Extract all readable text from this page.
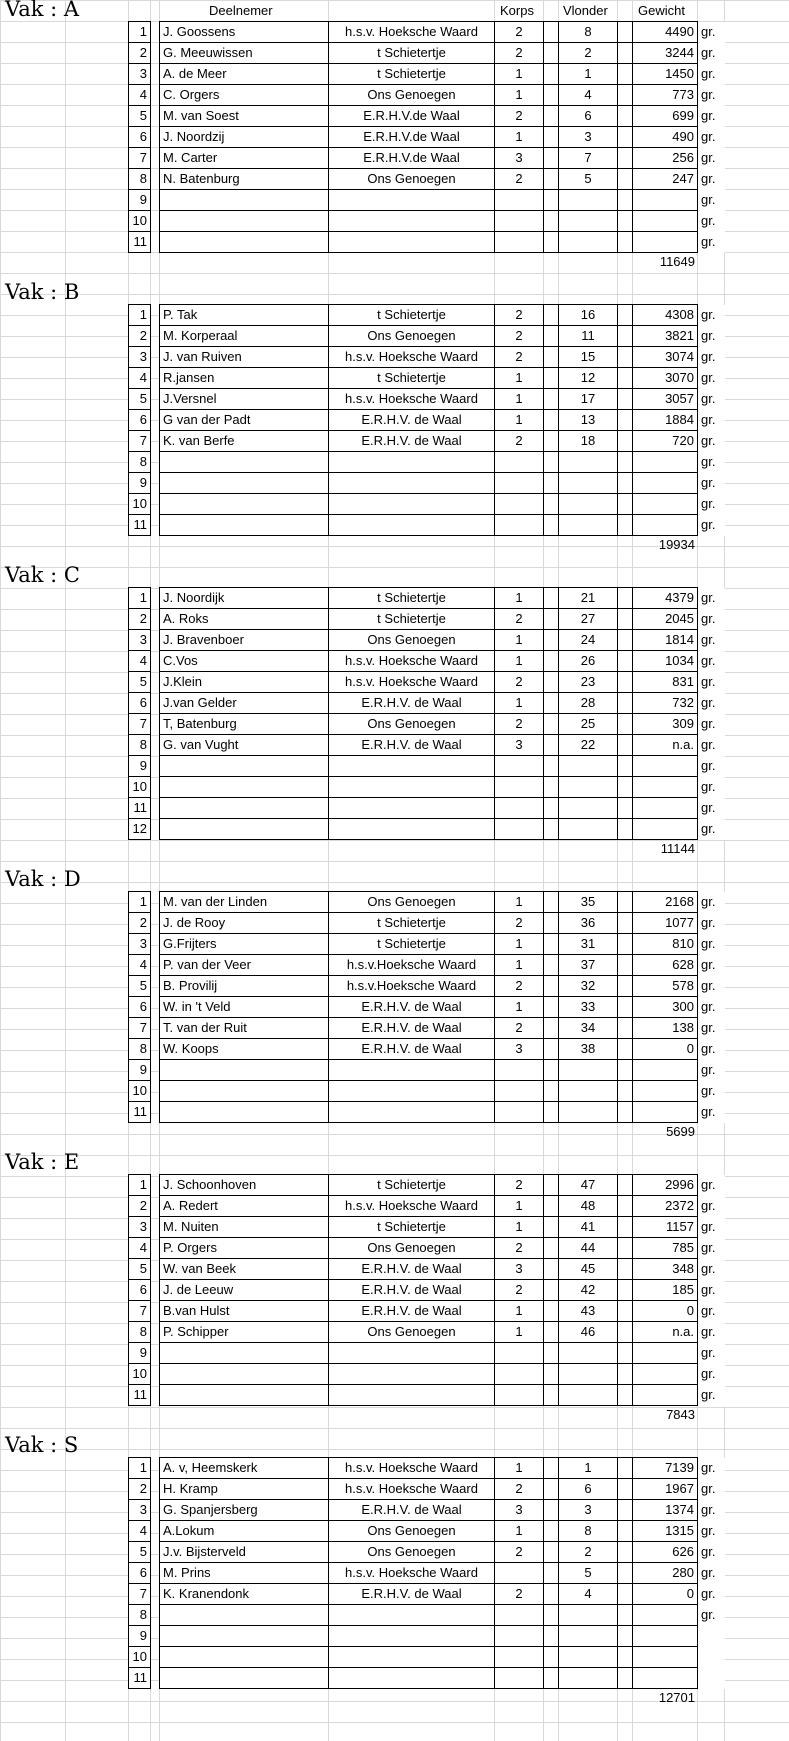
Deelnemer	Korps Vlonder Gewicht
Vak : A
1		J. Goossens	h.s.v. Hoekschе Waard	2		8		4490	gr.
2		G. Meeuwissen	t Schietertje	2		2		3244	gr.
3		A. de Meer	t Schietertje	1		1		1450	gr.
4		C. Orgers	Ons Genoegen	1		4		773	gr.
5		M. van Soest	E.R.H.V.de Waal	2		6		699	gr.
6		J. Noordzij	E.R.H.V.de Waal	1		3		490	gr.
7		M. Carter	E.R.H.V.de Waal	3		7		256	gr.
8		N. Batenburg	Ons Genoegen	2		5		247	gr.
9									gr.
10									gr.
11									gr.
11649
Vak : B
1		P. Tak	t Schietertje	2		16		4308	gr.
2		M. Korperaal	Ons Genoegen	2		11		3821	gr.
3		J. van Ruiven	h.s.v. Hoeksche Waard	2		15		3074	gr.
4		R.jansen	t Schietertje	1		12		3070	gr.
5		J.Versnel	h.s.v. Hoeksche Waard	1		17		3057	gr.
6		G van der Padt	E.R.H.V. de Waal	1		13		1884	gr.
7		K. van Berfe	E.R.H.V. de Waal	2		18		720	gr.
8									gr.
9									gr.
10									gr.
11									gr.
19934
Vak : C
1		J. Noordijk	t Schietertje	1		21		4379	gr.
2		A. Roks	t Schietertje	2		27		2045	gr.
3		J. Bravenboer	Ons Genoegen	1		24		1814	gr.
4		C.Vos	h.s.v. Hoeksche Waard	1		26		1034	gr.
5		J.Klein	h.s.v. Hoeksche Waard	2		23		831	gr.
6		J.van Gelder	E.R.H.V. de Waal	1		28		732	gr.
7		T, Batenburg	Ons Genoegen	2		25		309	gr.
8		G. van Vught	E.R.H.V. de Waal	3		22		n.a.	gr.
9									gr.
10									gr.
11									gr.
12									gr.
11144
Vak : D
1		M. van der Linden	Ons Genoegen	1		35		2168	gr.
2		J. de Rooy	t Schietertje	2		36		1077	gr.
3		G.Frijters	t Schietertje	1		31		810	gr.
4		P. van der Veer	h.s.v.Hoeksche Waard	1		37		628	gr.
5		B. Provilij	h.s.v.Hoeksche Waard	2		32		578	gr.
6		W. in 't Veld	E.R.H.V. de Waal	1		33		300	gr.
7		T. van der Ruit	E.R.H.V. de Waal	2		34		138	gr.
8		W. Koops	E.R.H.V. de Waal	3		38		0	gr.
9									gr.
10									gr.
11									gr.
5699
Vak : E
1		J. Schoonhoven	t Schietertje	2		47		2996	gr.
2		A. Redert	h.s.v. Hoeksche Waard	1		48		2372	gr.
3		M. Nuiten	t Schietertje	1		41		1157	gr.
4		P. Orgers	Ons Genoegen	2		44		785	gr.
5		W. van Beek	E.R.H.V. de Waal	3		45		348	gr.
6		J. de Leeuw	E.R.H.V. de Waal	2		42		185	gr.
7		B.van Hulst	E.R.H.V. de Waal	1		43		0	gr.
8		P. Schipper	Ons Genoegen	1		46		n.a.	gr.
9									gr.
10									gr.
11									gr.
7843
Vak : S
1		A. v, Heemskerk	h.s.v. Hoeksche Waard	1		1		7139	gr.
2		H. Kramp	h.s.v. Hoeksche Waard	2		6		1967	gr.
3		G. Spanjersberg	E.R.H.V. de Waal	3		3		1374	gr.
4		A.Lokum	Ons Genoegen	1		8		1315	gr.
5		J.v. Bijsterveld	Ons Genoegen	2		2		626	gr.
6		M. Prins	h.s.v. Hoeksche Waard			5		280	gr.
7		K. Kranendonk	E.R.H.V. de Waal	2		4		0	gr.
8									gr.
9									
10									
11									
12701
